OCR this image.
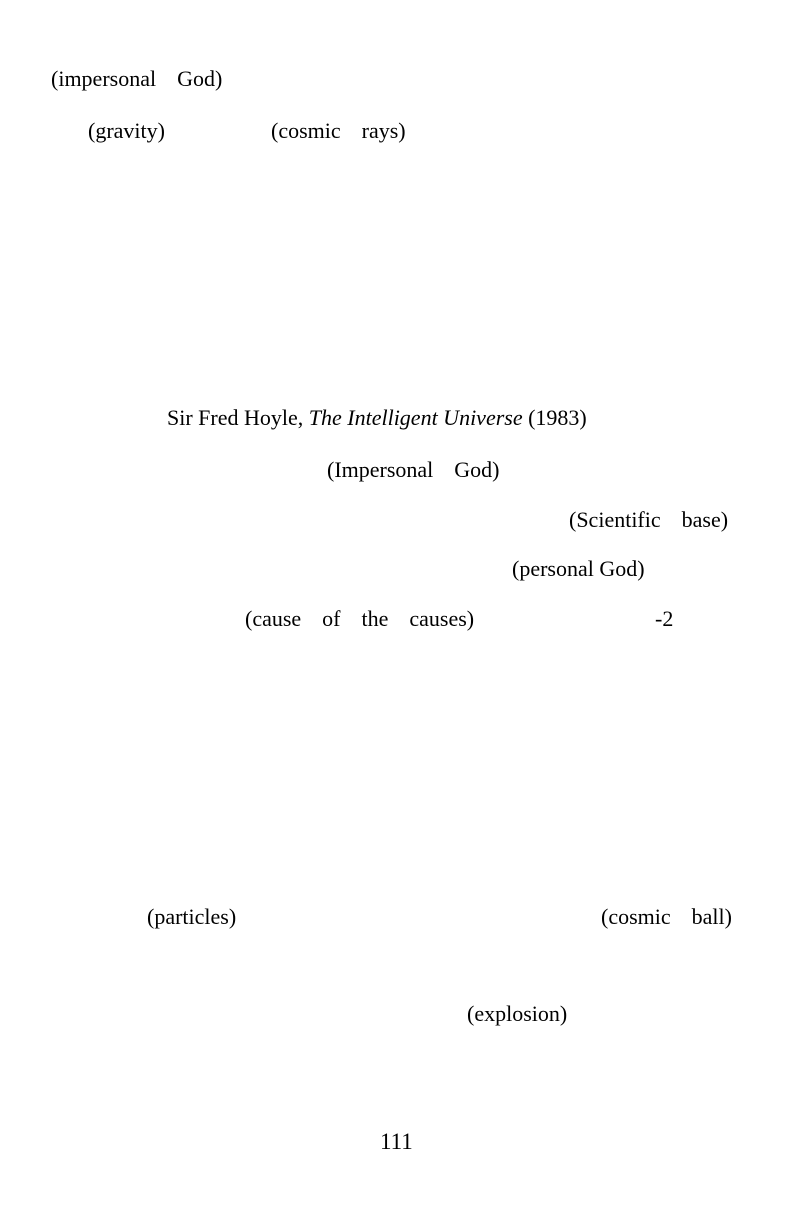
(impersonal  God)
(gravity)	(cosmic  rays)
Sir Fred Hoyle, The Intelligent Universe (1983)
(Impersonal  God)
(Scientific  base)
(personal God)
(cause  of  the  causes)	-2
(particles)	(cosmic  ball)
(explosion)
111
